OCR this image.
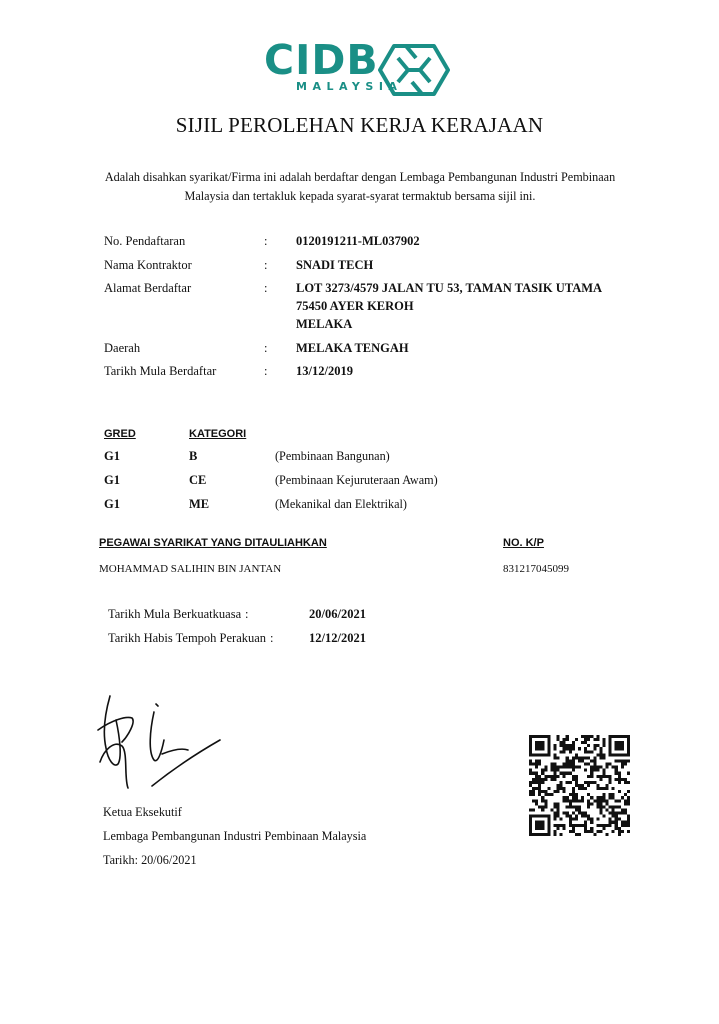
CIDB
MALAYSIA
SIJIL PEROLEHAN KERJA KERAJAAN
Adalah disahkan syarikat/Firma ini adalah berdaftar dengan Lembaga Pembangunan Industri Pembinaan Malaysia dan tertakluk kepada syarat-syarat termaktub bersama sijil ini.
No. Pendaftaran	: 0120191211-ML037902
Nama Kontraktor	: SNADI TECH
Alamat Berdaftar	: LOT 3273/4579 JALAN TU 53, TAMAN TASIK UTAMA
75450 AYER KEROH
MELAKA
Daerah	: MELAKA TENGAH
Tarikh Mula Berdaftar	: 13/12/2019
GRED	KATEGORI
G1	B	(Pembinaan Bangunan)
G1	CE	(Pembinaan Kejuruteraan Awam)
G1	ME	(Mekanikal dan Elektrikal)
PEGAWAI SYARIKAT YANG DITAULIAHKAN	NO. K/P
MOHAMMAD SALIHIN BIN JANTAN	831217045099
Tarikh Mula Berkuatkuasa :	20/06/2021
Tarikh Habis Tempoh Perakuan :	12/12/2021
Ketua Eksekutif
Lembaga Pembangunan Industri Pembinaan Malaysia
Tarikh: 20/06/2021
